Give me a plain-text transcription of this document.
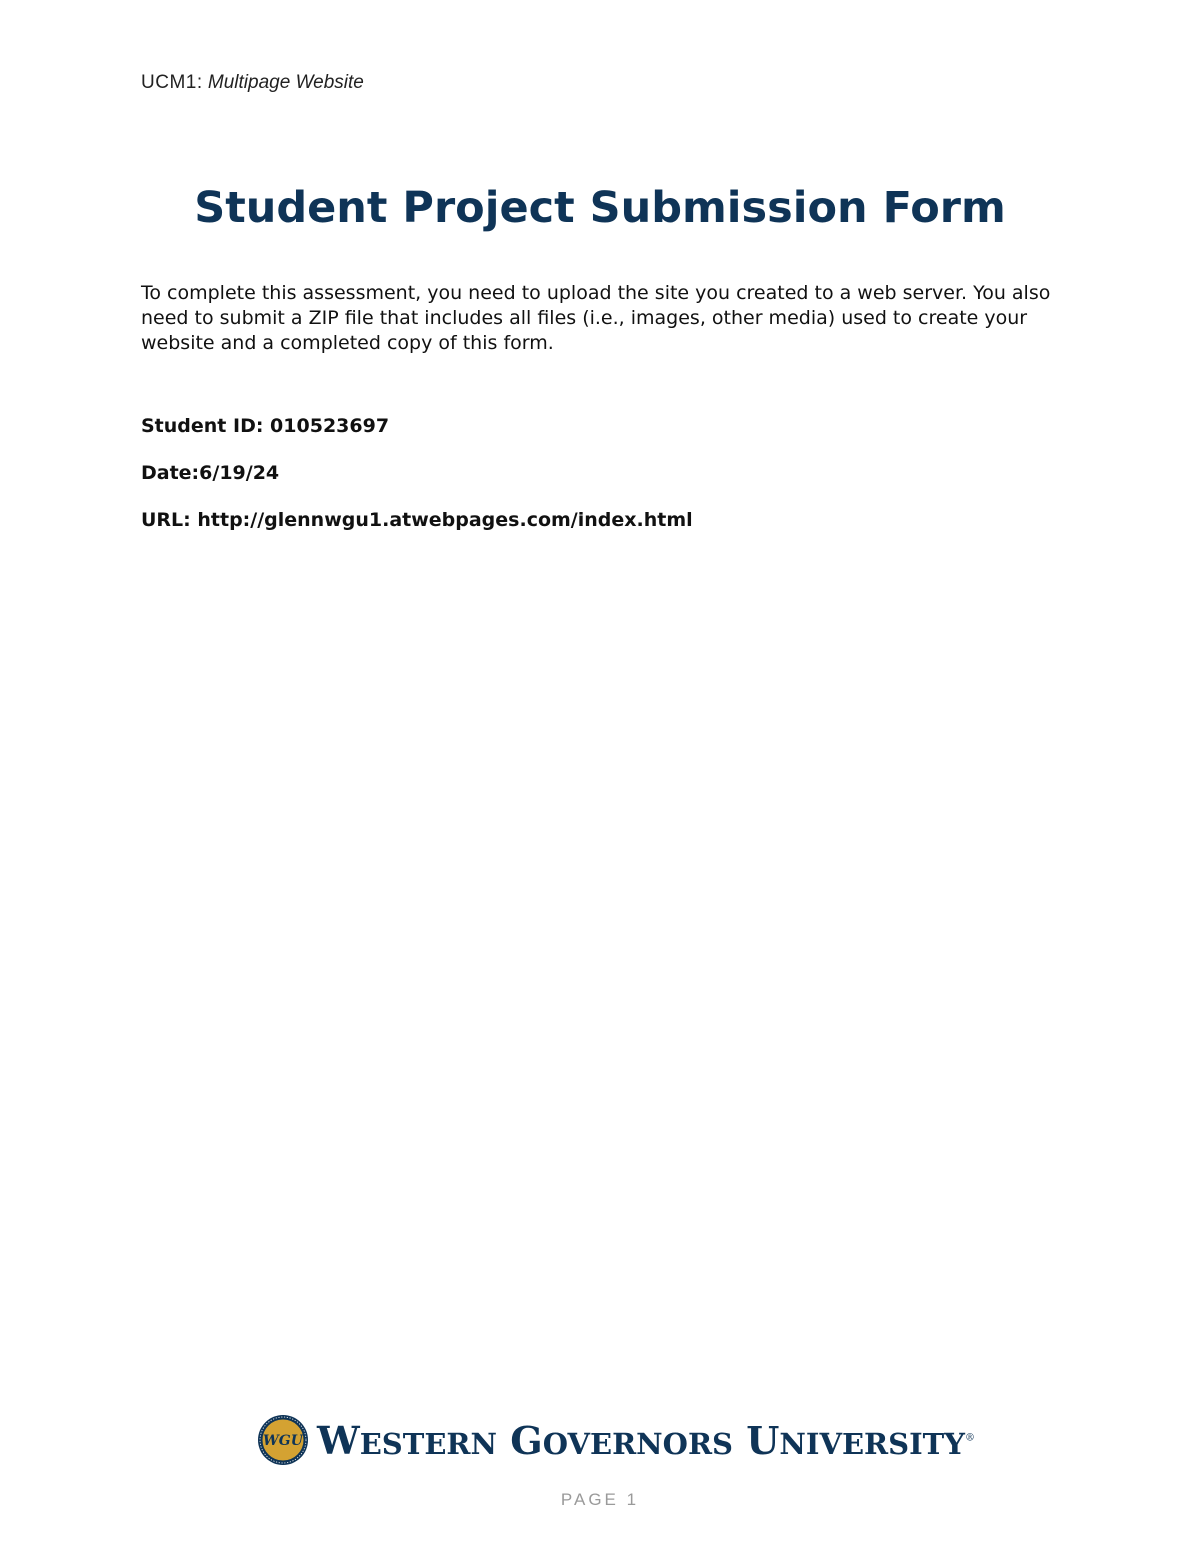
UCM1: Multipage Website
Student Project Submission Form

To complete this assessment, you need to upload the site you created to a web server. You also need to submit a ZIP file that includes all files (i.e., images, other media) used to create your website and a completed copy of this form.

Student ID: 010523697

Date:6/19/24

URL: http://glennwgu1.atwebpages.com/index.html

WGU WESTERN GOVERNORS UNIVERSITY®
PAGE 1
